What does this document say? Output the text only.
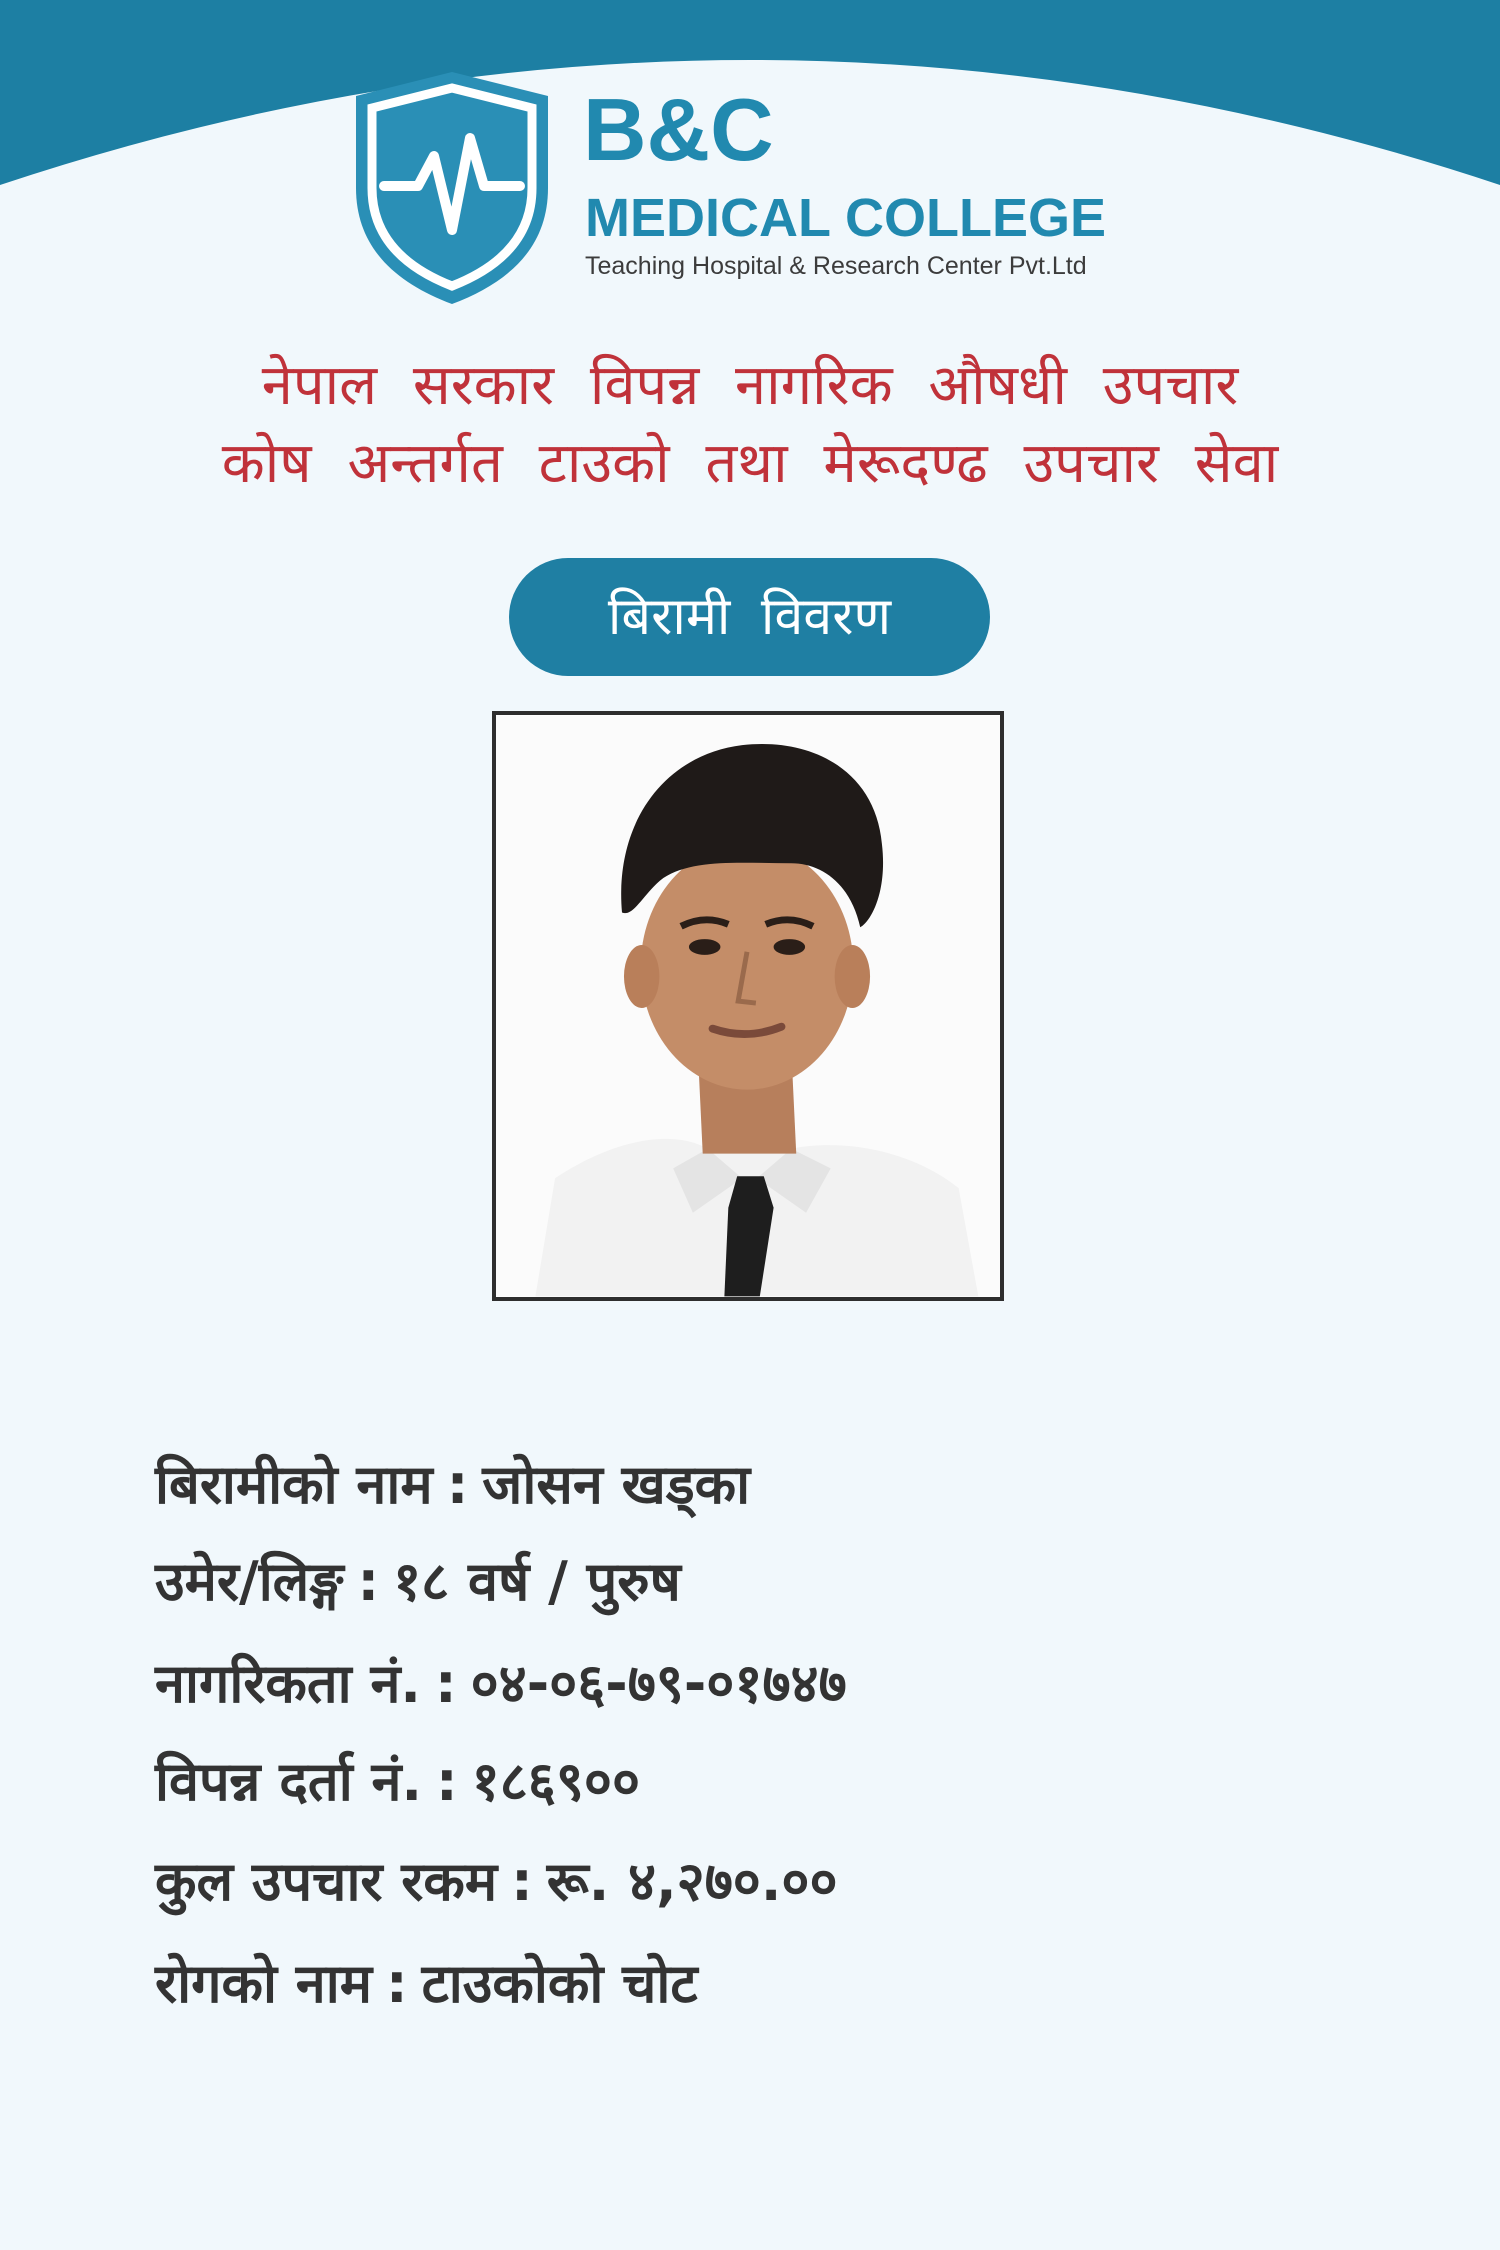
B&C
MEDICAL COLLEGE
Teaching Hospital & Research Center Pvt.Ltd
नेपाल सरकार विपन्न नागरिक औषधी उपचार
कोष अन्तर्गत टाउको तथा मेरूदण्ढ उपचार सेवा
बिरामी विवरण
बिरामीको नाम : जोसन खड्का
उमेर/लिङ्ग : १८ वर्ष / पुरुष
नागरिकता नं. : ०४-०६-७९-०१७४७
विपन्न दर्ता नं. : १८६९००
कुल उपचार रकम : रू. ४,२७०.००
रोगको नाम : टाउकोको चोट
